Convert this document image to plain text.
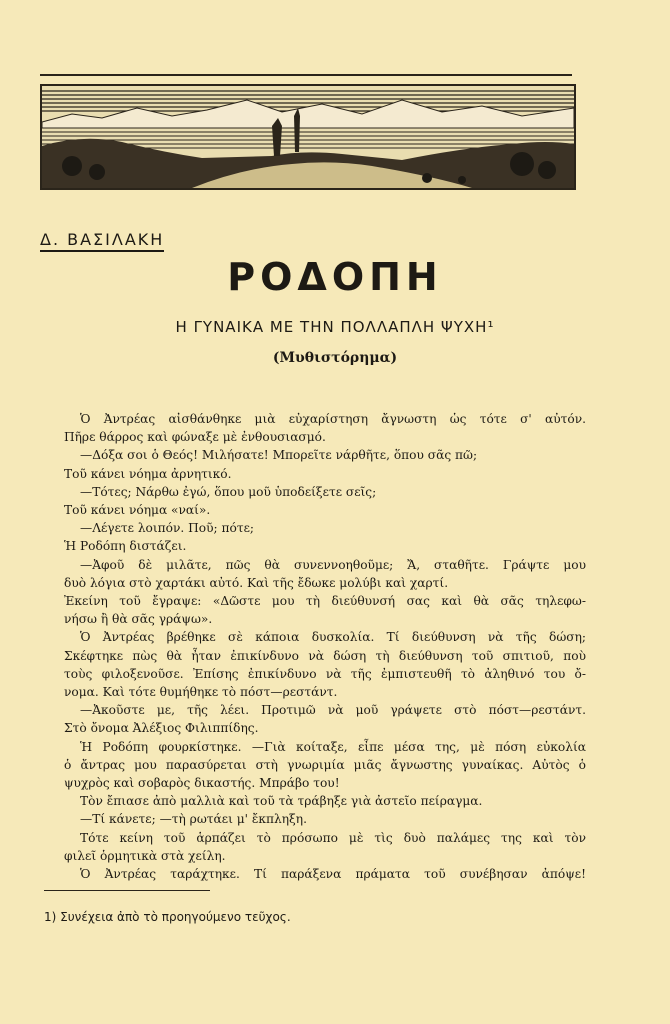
Δ. ΒΑΣΙΛΑΚΗ
ΡΟΔΟΠΗ
Η ΓΥΝΑΙΚΑ ΜΕ ΤΗΝ ΠΟΛΛΑΠΛΗ ΨΥΧΗ¹
(Μυθιστόρημα)
Ὁ Ἀντρέας αἰσθάνθηκε μιὰ εὐχαρίστηση ἄγνωστη ὡς τότε σ' αὐτόν.
Πῆρε θάρρος καὶ φώναξε μὲ ἐνθουσιασμό.
—Δόξα σοι ὁ Θεός! Μιλήσατε! Μπορεῖτε νάρθῆτε, ὅπου σᾶς πῶ;
Τοῦ κάνει νόημα ἀρνητικό.
—Τότες; Νάρθω ἐγώ, ὅπου μοῦ ὑποδείξετε σεῖς;
Τοῦ κάνει νόημα «ναί».
—Λέγετε λοιπόν. Ποῦ; πότε;
Ἡ Ροδόπη διστάζει.
—Ἀφοῦ δὲ μιλᾶτε, πῶς θὰ συνεννοηθοῦμε; Ἄ, σταθῆτε. Γράψτε μου
δυὸ λόγια στὸ χαρτάκι αὐτό. Καὶ τῆς ἔδωκε μολύβι καὶ χαρτί.
Ἐκείνη τοῦ ἔγραψε: «Δῶστε μου τὴ διεύθυνσή σας καὶ θὰ σᾶς τηλεφω-
νήσω ἢ θὰ σᾶς γράψω».
Ὁ Ἀντρέας βρέθηκε σὲ κάποια δυσκολία. Τί διεύθυνση νὰ τῆς δώση;
Σκέφτηκε πὼς θὰ ἦταν ἐπικίνδυνο νὰ δώση τὴ διεύθυνση τοῦ σπιτιοῦ, ποὺ
τοὺς φιλοξενοῦσε. Ἐπίσης ἐπικίνδυνο νὰ τῆς ἐμπιστευθῆ τὸ ἀληθινό του ὄ-
νομα. Καὶ τότε θυμήθηκε τὸ πόστ—ρεστάντ.
—Ἀκοῦστε με, τῆς λέει. Προτιμῶ νὰ μοῦ γράψετε στὸ πόστ—ρεστάντ.
Στὸ ὄνομα Ἀλέξιος Φιλιππίδης.
Ἡ Ροδόπη φουρκίστηκε. —Γιὰ κοίταξε, εἶπε μέσα της, μὲ πόση εὐκολία
ὁ ἄντρας μου παρασύρεται στὴ γνωριμία μιᾶς ἄγνωστης γυναίκας. Αὐτὸς ὁ
ψυχρὸς καὶ σοβαρὸς δικαστής. Μπράβο του!
Τὸν ἔπιασε ἀπὸ μαλλιὰ καὶ τοῦ τὰ τράβηξε γιὰ ἀστεῖο πείραγμα.
—Τί κάνετε; —τὴ ρωτάει μ' ἔκπληξη.
Τότε κείνη τοῦ ἁρπάζει τὸ πρόσωπο μὲ τὶς δυὸ παλάμες της καὶ τὸν
φιλεῖ ὁρμητικὰ στὰ χείλη.
Ὁ Ἀντρέας ταράχτηκε. Τί παράξενα πράματα τοῦ συνέβησαν ἀπόψε!
1) Συνέχεια ἀπὸ τὸ προηγούμενο τεῦχος.
